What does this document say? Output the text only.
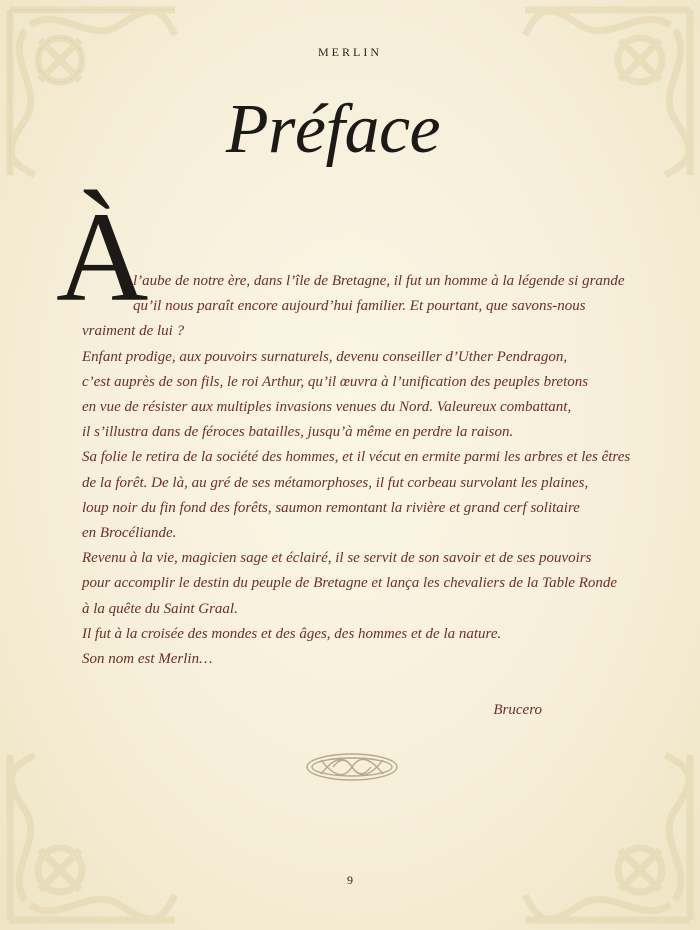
MERLIN
Préface
À
l’aube de notre ère, dans l’île de Bretagne, il fut un homme à la légende si grande
qu’il nous paraît encore aujourd’hui familier. Et pourtant, que savons-nous
vraiment de lui ?
Enfant prodige, aux pouvoirs surnaturels, devenu conseiller d’Uther Pendragon,
c’est auprès de son fils, le roi Arthur, qu’il œuvra à l’unification des peuples bretons
en vue de résister aux multiples invasions venues du Nord. Valeureux combattant,
il s’illustra dans de féroces batailles, jusqu’à même en perdre la raison.
Sa folie le retira de la société des hommes, et il vécut en ermite parmi les arbres et les êtres
de la forêt. De là, au gré de ses métamorphoses, il fut corbeau survolant les plaines,
loup noir du fin fond des forêts, saumon remontant la rivière et grand cerf solitaire
en Brocéliande.
Revenu à la vie, magicien sage et éclairé, il se servit de son savoir et de ses pouvoirs
pour accomplir le destin du peuple de Bretagne et lança les chevaliers de la Table Ronde
à la quête du Saint Graal.
Il fut à la croisée des mondes et des âges, des hommes et de la nature.
Son nom est Merlin…
Brucero
9
